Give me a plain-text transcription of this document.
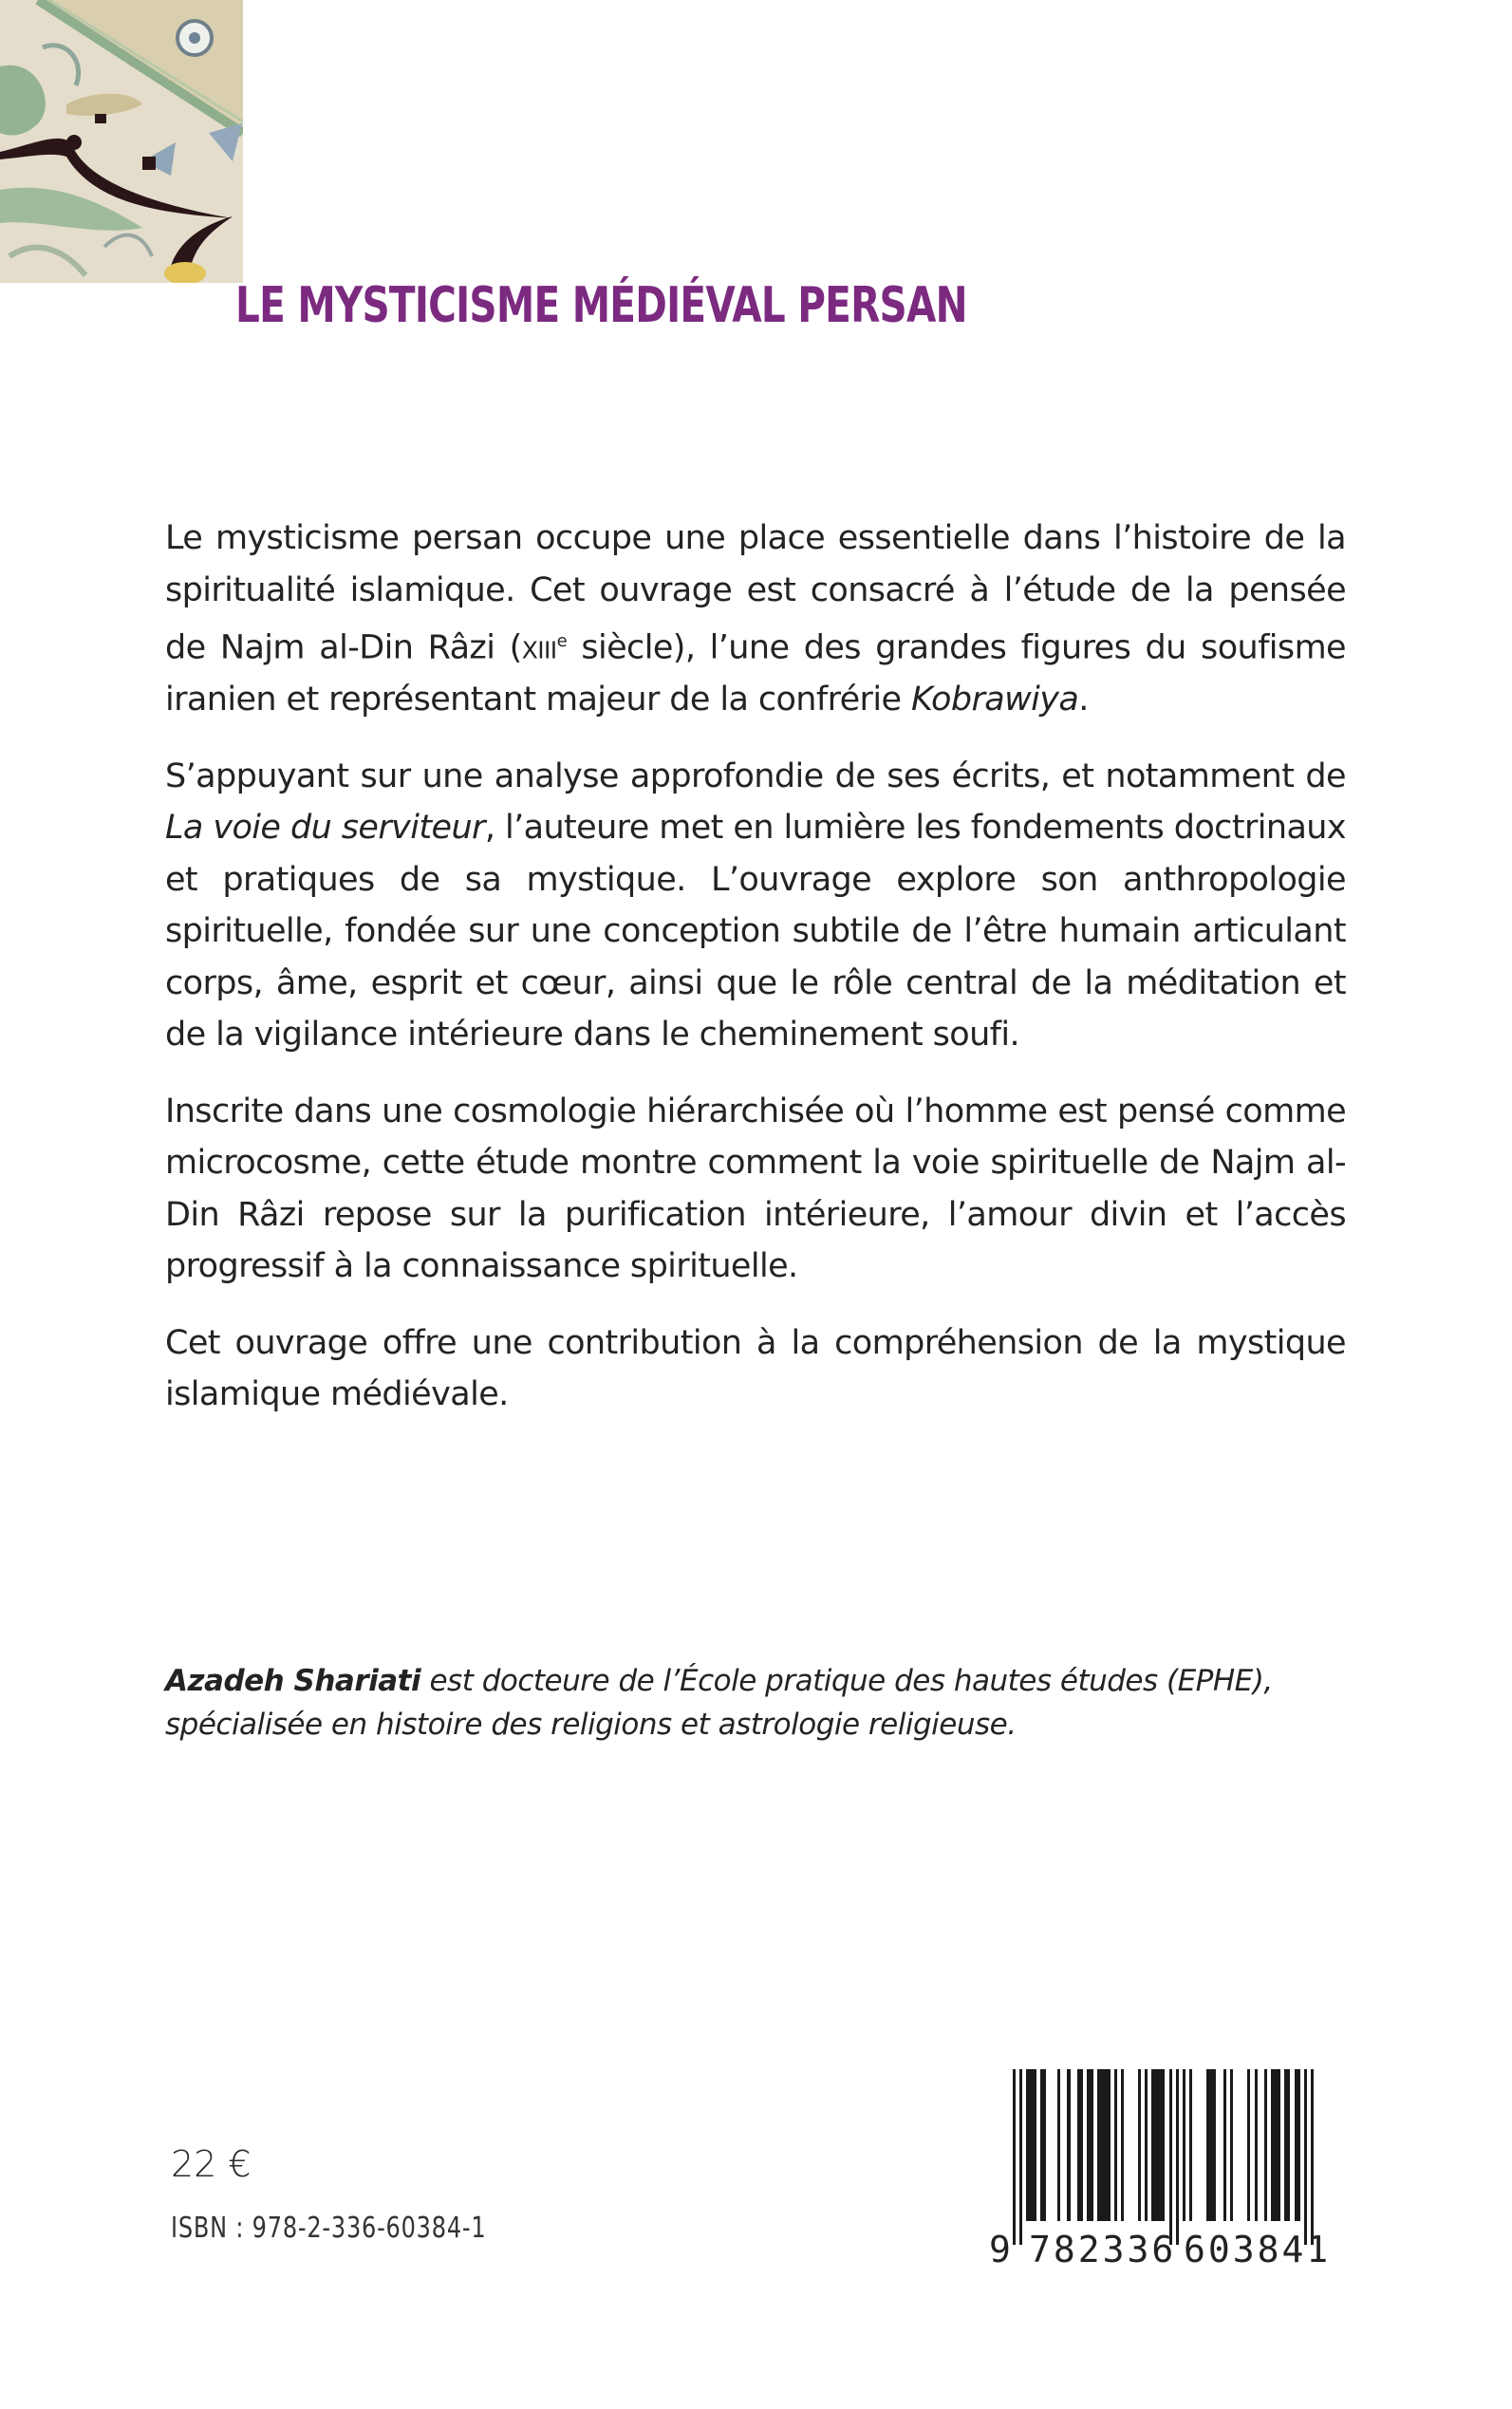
LE MYSTICISME MÉDIÉVAL PERSAN

Le mysticisme persan occupe une place essentielle dans l’histoire de la spiritualité islamique. Cet ouvrage est consacré à l’étude de la pensée de Najm al-Din Râzi (xiii$^e$ siècle), l’une des grandes figures du soufisme iranien et représentant majeur de la confrérie Kobrawiya.

S’appuyant sur une analyse approfondie de ses écrits, et notamment de La voie du serviteur, l’auteure met en lumière les fondements doctrinaux et pratiques de sa mystique. L’ouvrage explore son anthropologie spirituelle, fondée sur une conception subtile de l’être humain articulant corps, âme, esprit et cœur, ainsi que le rôle central de la méditation et de la vigilance intérieure dans le cheminement soufi.

Inscrite dans une cosmologie hiérarchisée où l’homme est pensé comme microcosme, cette étude montre comment la voie spirituelle de Najm al-Din Râzi repose sur la purification intérieure, l’amour divin et l’accès progressif à la connaissance spirituelle.

Cet ouvrage offre une contribution à la compréhension de la mystique islamique médiévale.

Azadeh Shariati est docteure de l’École pratique des hautes études (EPHE), spécialisée en histoire des religions et astrologie religieuse.
22 €
ISBN : 978-2-336-60384-1
9 782336 603841
